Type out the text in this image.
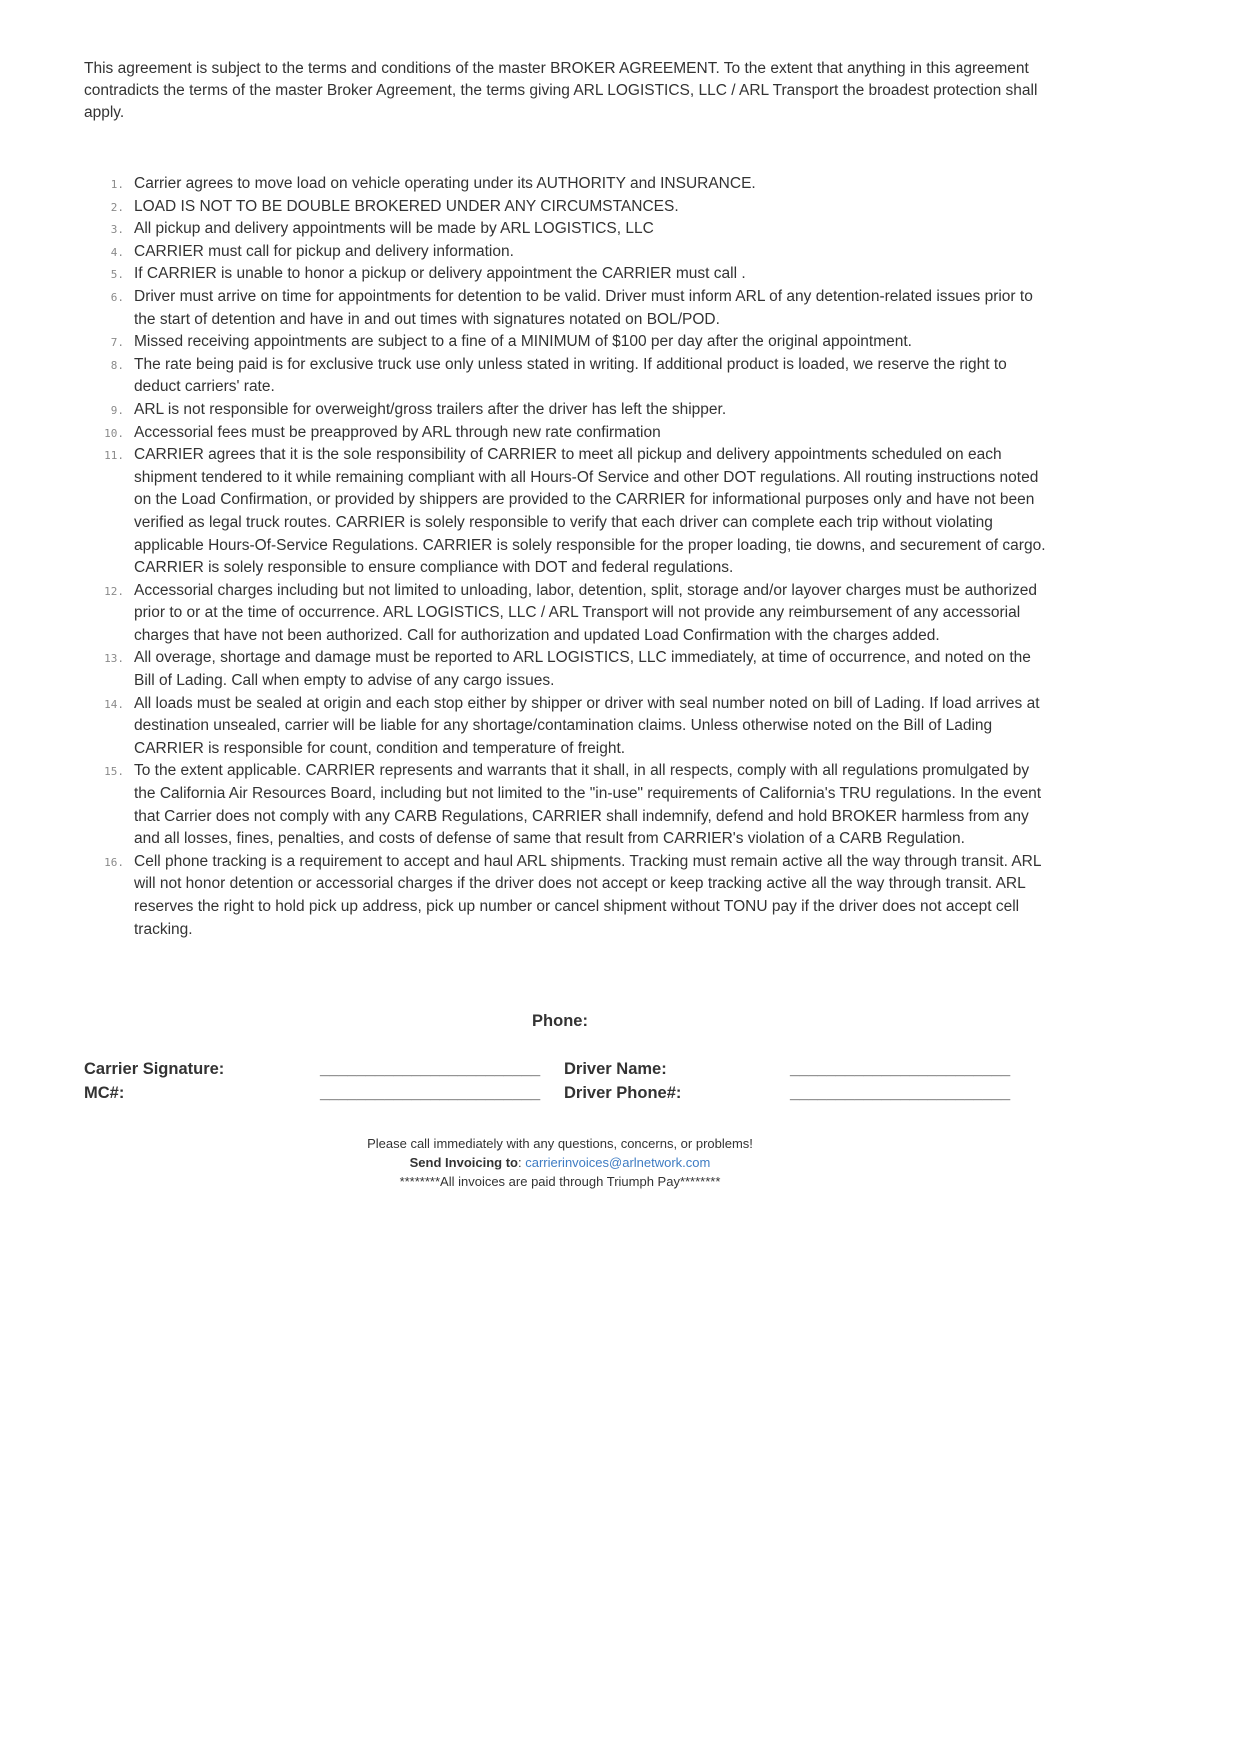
This agreement is subject to the terms and conditions of the master BROKER AGREEMENT. To the extent that anything in this agreement contradicts the terms of the master Broker Agreement, the terms giving ARL LOGISTICS, LLC / ARL Transport the broadest protection shall apply.

1. Carrier agrees to move load on vehicle operating under its AUTHORITY and INSURANCE.
2. LOAD IS NOT TO BE DOUBLE BROKERED UNDER ANY CIRCUMSTANCES.
3. All pickup and delivery appointments will be made by ARL LOGISTICS, LLC
4. CARRIER must call for pickup and delivery information.
5. If CARRIER is unable to honor a pickup or delivery appointment the CARRIER must call .
6. Driver must arrive on time for appointments for detention to be valid. Driver must inform ARL of any detention-related issues prior to the start of detention and have in and out times with signatures notated on BOL/POD.
7. Missed receiving appointments are subject to a fine of a MINIMUM of $100 per day after the original appointment.
8. The rate being paid is for exclusive truck use only unless stated in writing. If additional product is loaded, we reserve the right to deduct carriers' rate.
9. ARL is not responsible for overweight/gross trailers after the driver has left the shipper.
10. Accessorial fees must be preapproved by ARL through new rate confirmation
11. CARRIER agrees that it is the sole responsibility of CARRIER to meet all pickup and delivery appointments scheduled on each shipment tendered to it while remaining compliant with all Hours-Of Service and other DOT regulations. All routing instructions noted on the Load Confirmation, or provided by shippers are provided to the CARRIER for informational purposes only and have not been verified as legal truck routes. CARRIER is solely responsible to verify that each driver can complete each trip without violating applicable Hours-Of-Service Regulations. CARRIER is solely responsible for the proper loading, tie downs, and securement of cargo. CARRIER is solely responsible to ensure compliance with DOT and federal regulations.
12. Accessorial charges including but not limited to unloading, labor, detention, split, storage and/or layover charges must be authorized prior to or at the time of occurrence. ARL LOGISTICS, LLC / ARL Transport will not provide any reimbursement of any accessorial charges that have not been authorized. Call for authorization and updated Load Confirmation with the charges added.
13. All overage, shortage and damage must be reported to ARL LOGISTICS, LLC immediately, at time of occurrence, and noted on the Bill of Lading. Call when empty to advise of any cargo issues.
14. All loads must be sealed at origin and each stop either by shipper or driver with seal number noted on bill of Lading. If load arrives at destination unsealed, carrier will be liable for any shortage/contamination claims. Unless otherwise noted on the Bill of Lading CARRIER is responsible for count, condition and temperature of freight.
15. To the extent applicable. CARRIER represents and warrants that it shall, in all respects, comply with all regulations promulgated by the California Air Resources Board, including but not limited to the "in-use" requirements of California's TRU regulations. In the event that Carrier does not comply with any CARB Regulations, CARRIER shall indemnify, defend and hold BROKER harmless from any and all losses, fines, penalties, and costs of defense of same that result from CARRIER's violation of a CARB Regulation.
16. Cell phone tracking is a requirement to accept and haul ARL shipments. Tracking must remain active all the way through transit. ARL will not honor detention or accessorial charges if the driver does not accept or keep tracking active all the way through transit. ARL reserves the right to hold pick up address, pick up number or cancel shipment without TONU pay if the driver does not accept cell tracking.

Phone:

Carrier Signature:	________________________ Driver Name:	________________________
MC#:	________________________ Driver Phone#:	________________________
Please call immediately with any questions, concerns, or problems!
Send Invoicing to: carrierinvoices@arlnetwork.com
********All invoices are paid through Triumph Pay********
